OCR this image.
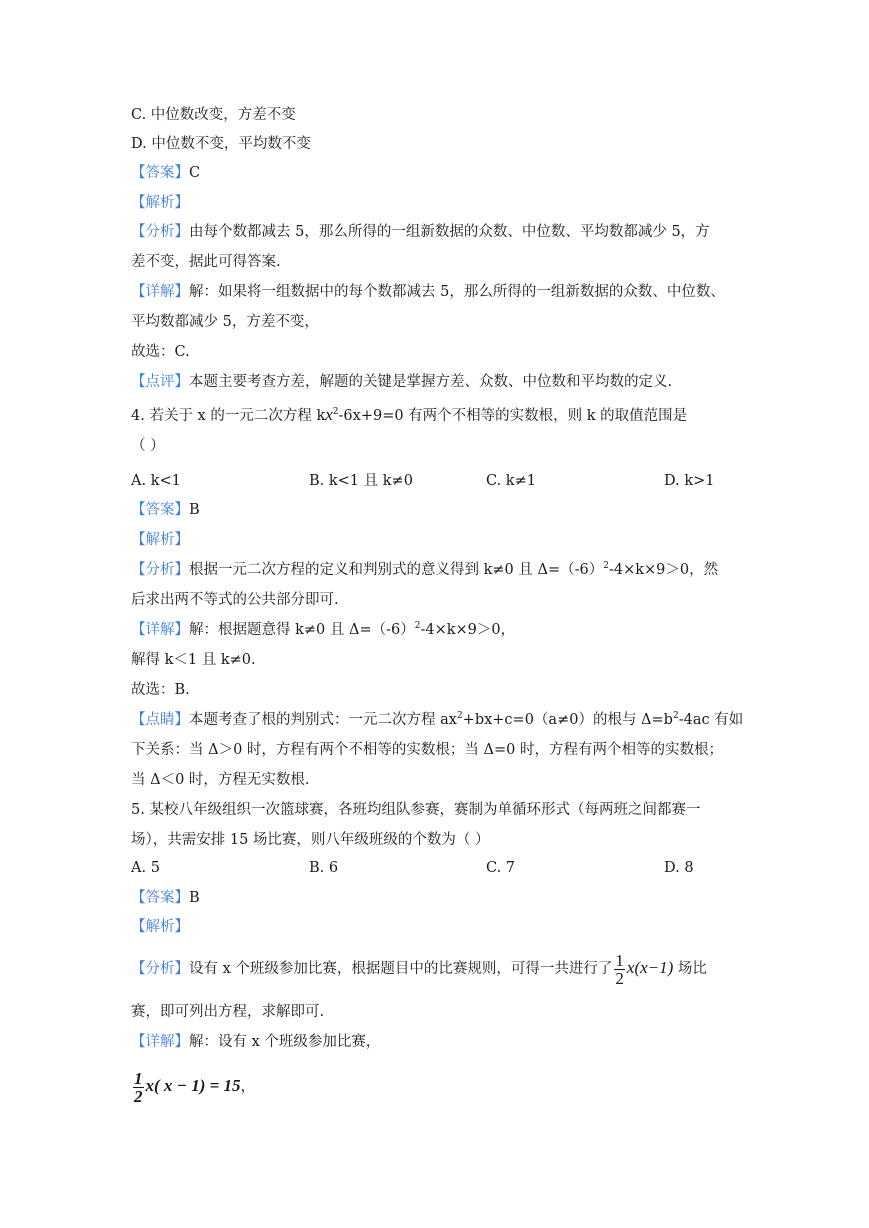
C. 中位数改变，方差不变
D. 中位数不变，平均数不变
【答案】C
【解析】
【分析】由每个数都减去 5，那么所得的一组新数据的众数、中位数、平均数都减少 5，方
差不变，据此可得答案.
【详解】解：如果将一组数据中的每个数都减去 5，那么所得的一组新数据的众数、中位数、
平均数都减少 5，方差不变，
故选：C.
【点评】本题主要考查方差，解题的关键是掌握方差、众数、中位数和平均数的定义.
4. 若关于 x 的一元二次方程 $kx^2-6x+9=0$ 有两个不相等的实数根，则 k 的取值范围是
（ ）
A. k<1	B. k<1 且 k≠0	C. k≠1	D. k>1
【答案】B
【解析】
【分析】根据一元二次方程的定义和判别式的意义得到 k≠0 且 $\Delta=(-6)^2-4\times k\times 9>0$，然
后求出两不等式的公共部分即可.
【详解】解：根据题意得 k≠0 且 $\Delta=(-6)^2-4\times k\times 9>0$，
解得 k＜1 且 k≠0.
故选：B.
【点睛】本题考查了根的判别式：一元二次方程 $ax^2+bx+c=0(a\ne 0)$的根与 $\Delta=b^2-4ac$ 有如
下关系：当 Δ＞0 时，方程有两个不相等的实数根；当 Δ=0 时，方程有两个相等的实数根；
当 Δ＜0 时，方程无实数根.
5. 某校八年级组织一次篮球赛，各班均组队参赛，赛制为单循环形式（每两班之间都赛一
场），共需安排 15 场比赛，则八年级班级的个数为（ ）
A. 5	B. 6	C. 7	D. 8
【答案】B
【解析】
【分析】设有 x 个班级参加比赛，根据题目中的比赛规则，可得一共进行了 $\frac{1}{2} x(x-1)$ 场比
赛，即可列出方程，求解即可.
【详解】解：设有 x 个班级参加比赛，
$\frac{1}{2} x$( x − 1) = 15，
